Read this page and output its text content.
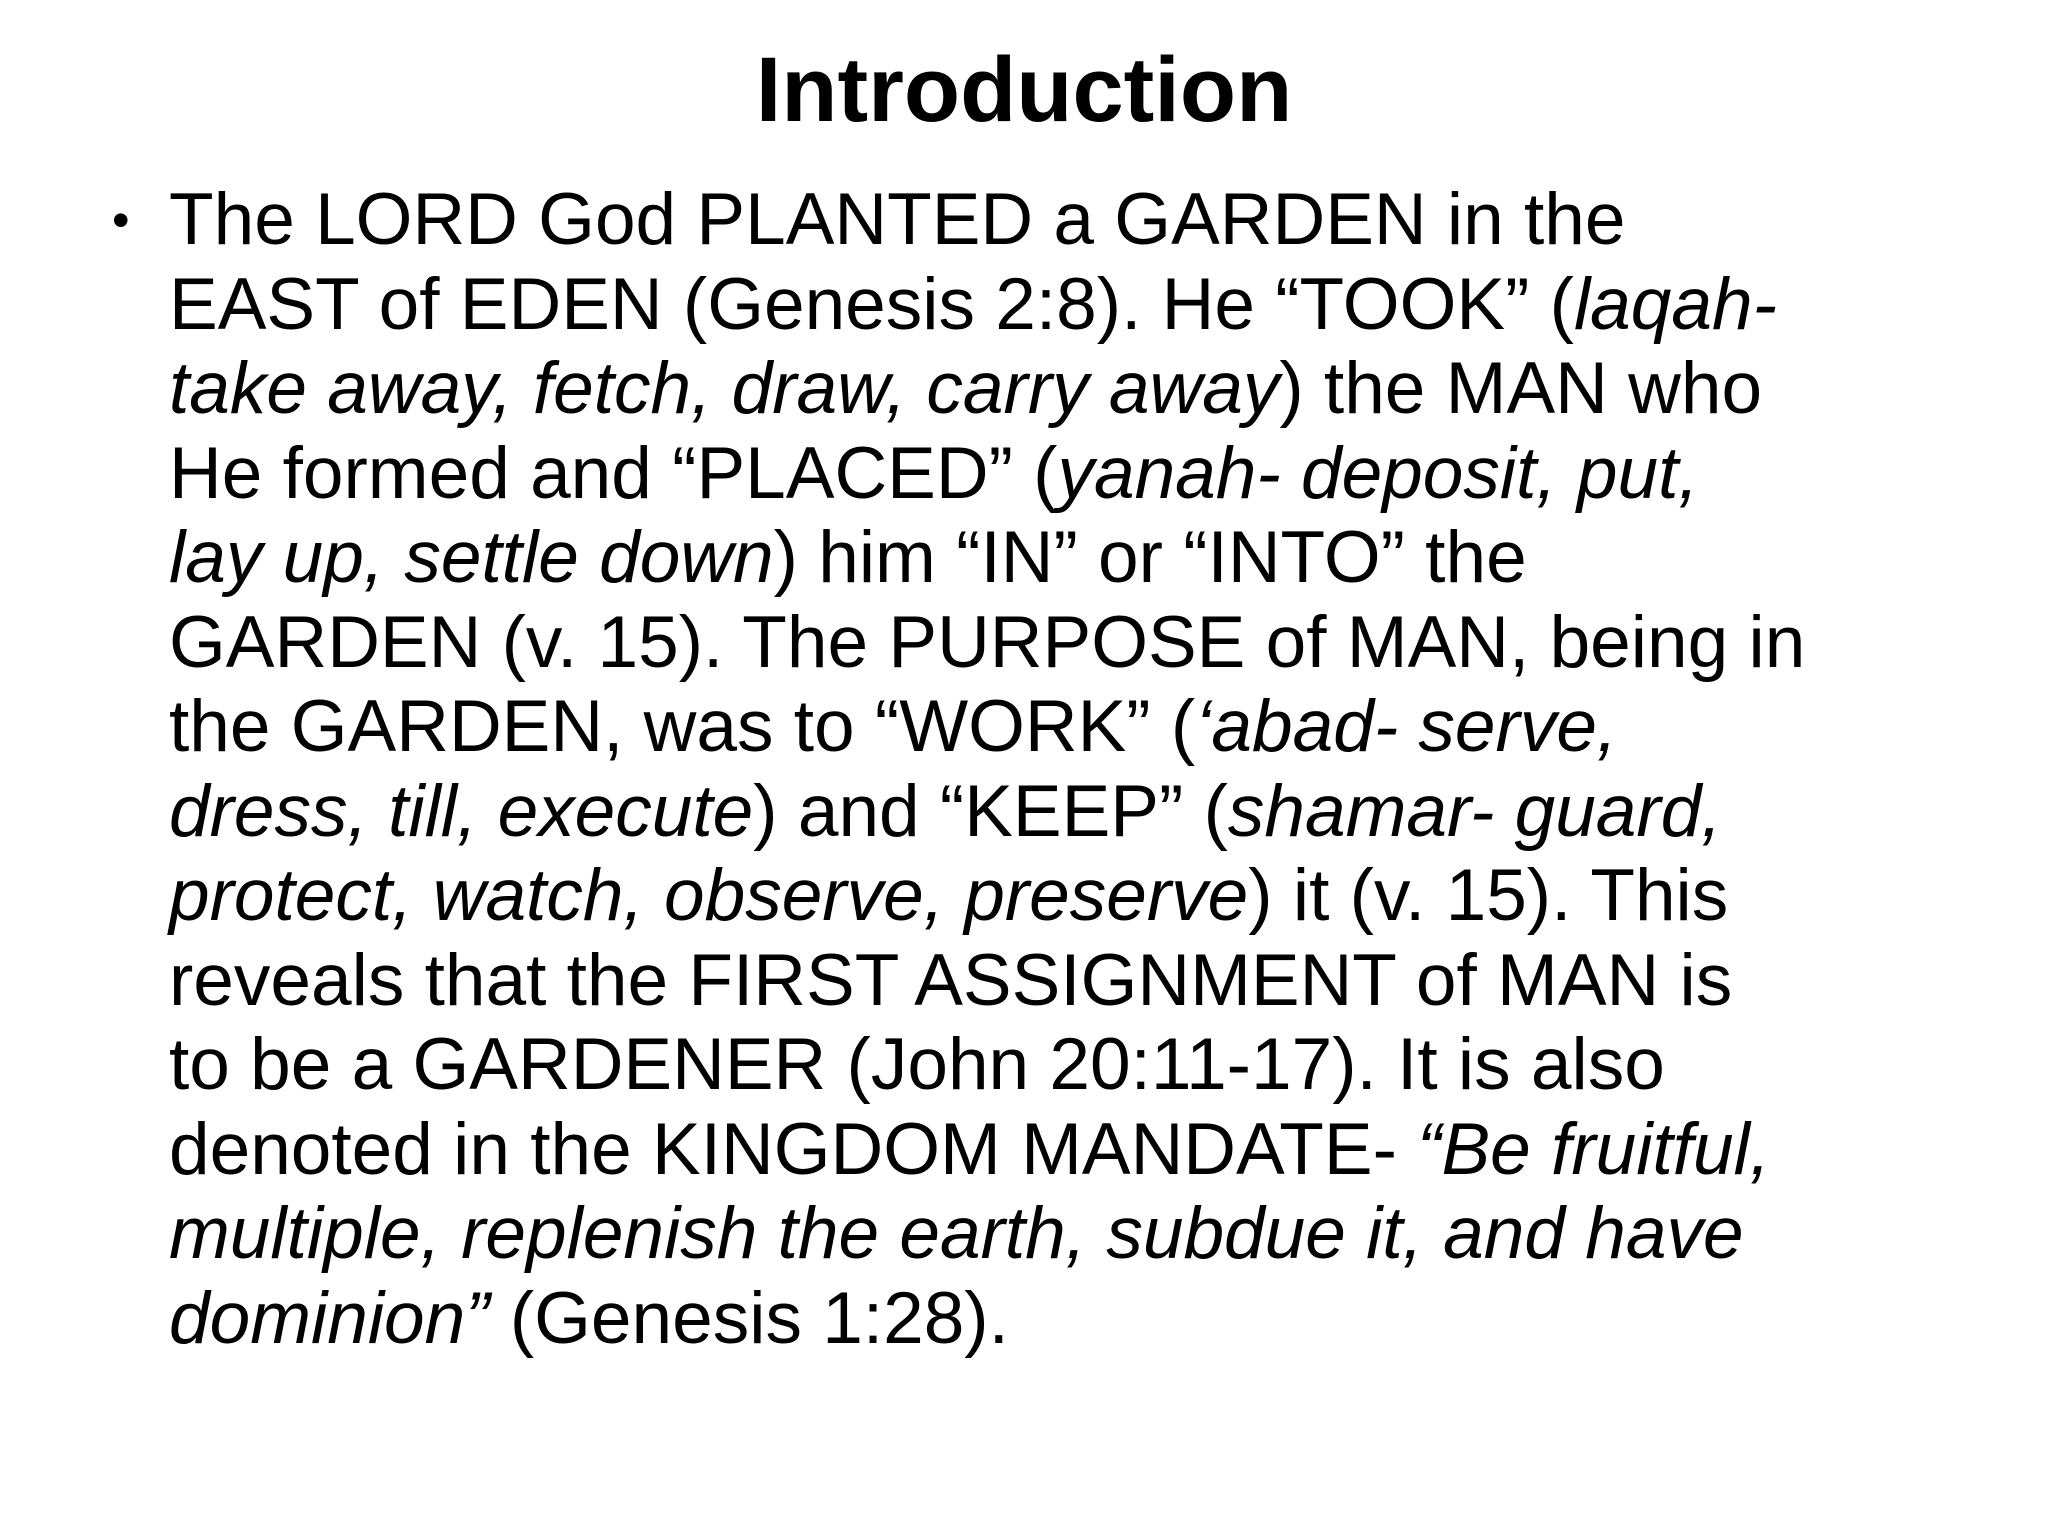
Introduction
• The LORD God PLANTED a GARDEN in the
EAST of EDEN (Genesis 2:8). He “TOOK” (laqah-
take away, fetch, draw, carry away) the MAN who
He formed and “PLACED” (yanah- deposit, put,
lay up, settle down) him “IN” or “INTO” the
GARDEN (v. 15). The PURPOSE of MAN, being in
the GARDEN, was to “WORK” (‘abad- serve,
dress, till, execute) and “KEEP” (shamar- guard,
protect, watch, observe, preserve) it (v. 15). This
reveals that the FIRST ASSIGNMENT of MAN is
to be a GARDENER (John 20:11-17). It is also
denoted in the KINGDOM MANDATE- “Be fruitful,
multiple, replenish the earth, subdue it, and have
dominion” (Genesis 1:28).
